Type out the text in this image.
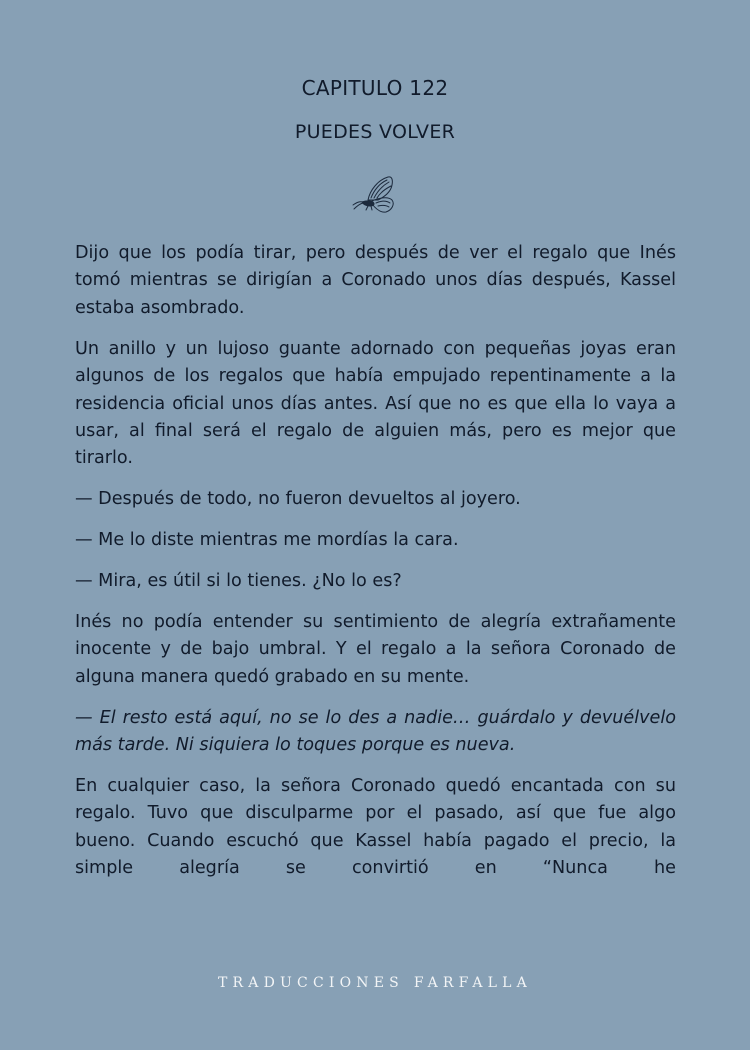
CAPITULO 122
PUEDES VOLVER

Dijo que los podía tirar, pero después de ver el regalo que Inés tomó mientras se dirigían a Coronado unos días después, Kassel estaba asombrado.

Un anillo y un lujoso guante adornado con pequeñas joyas eran algunos de los regalos que había empujado repentinamente a la residencia oficial unos días antes. Así que no es que ella lo vaya a usar, al final será el regalo de alguien más, pero es mejor que tirarlo.

— Después de todo, no fueron devueltos al joyero.

— Me lo diste mientras me mordías la cara.

— Mira, es útil si lo tienes. ¿No lo es?

Inés no podía entender su sentimiento de alegría extrañamente inocente y de bajo umbral. Y el regalo a la señora Coronado de alguna manera quedó grabado en su mente.

— El resto está aquí, no se lo des a nadie… guárdalo y devuélvelo más tarde. Ni siquiera lo toques porque es nueva.

En cualquier caso, la señora Coronado quedó encantada con su regalo. Tuvo que disculparme por el pasado, así que fue algo bueno. Cuando escuchó que Kassel había pagado el precio, la simple alegría se convirtió en “Nunca he

TRADUCCIONES FARFALLA
